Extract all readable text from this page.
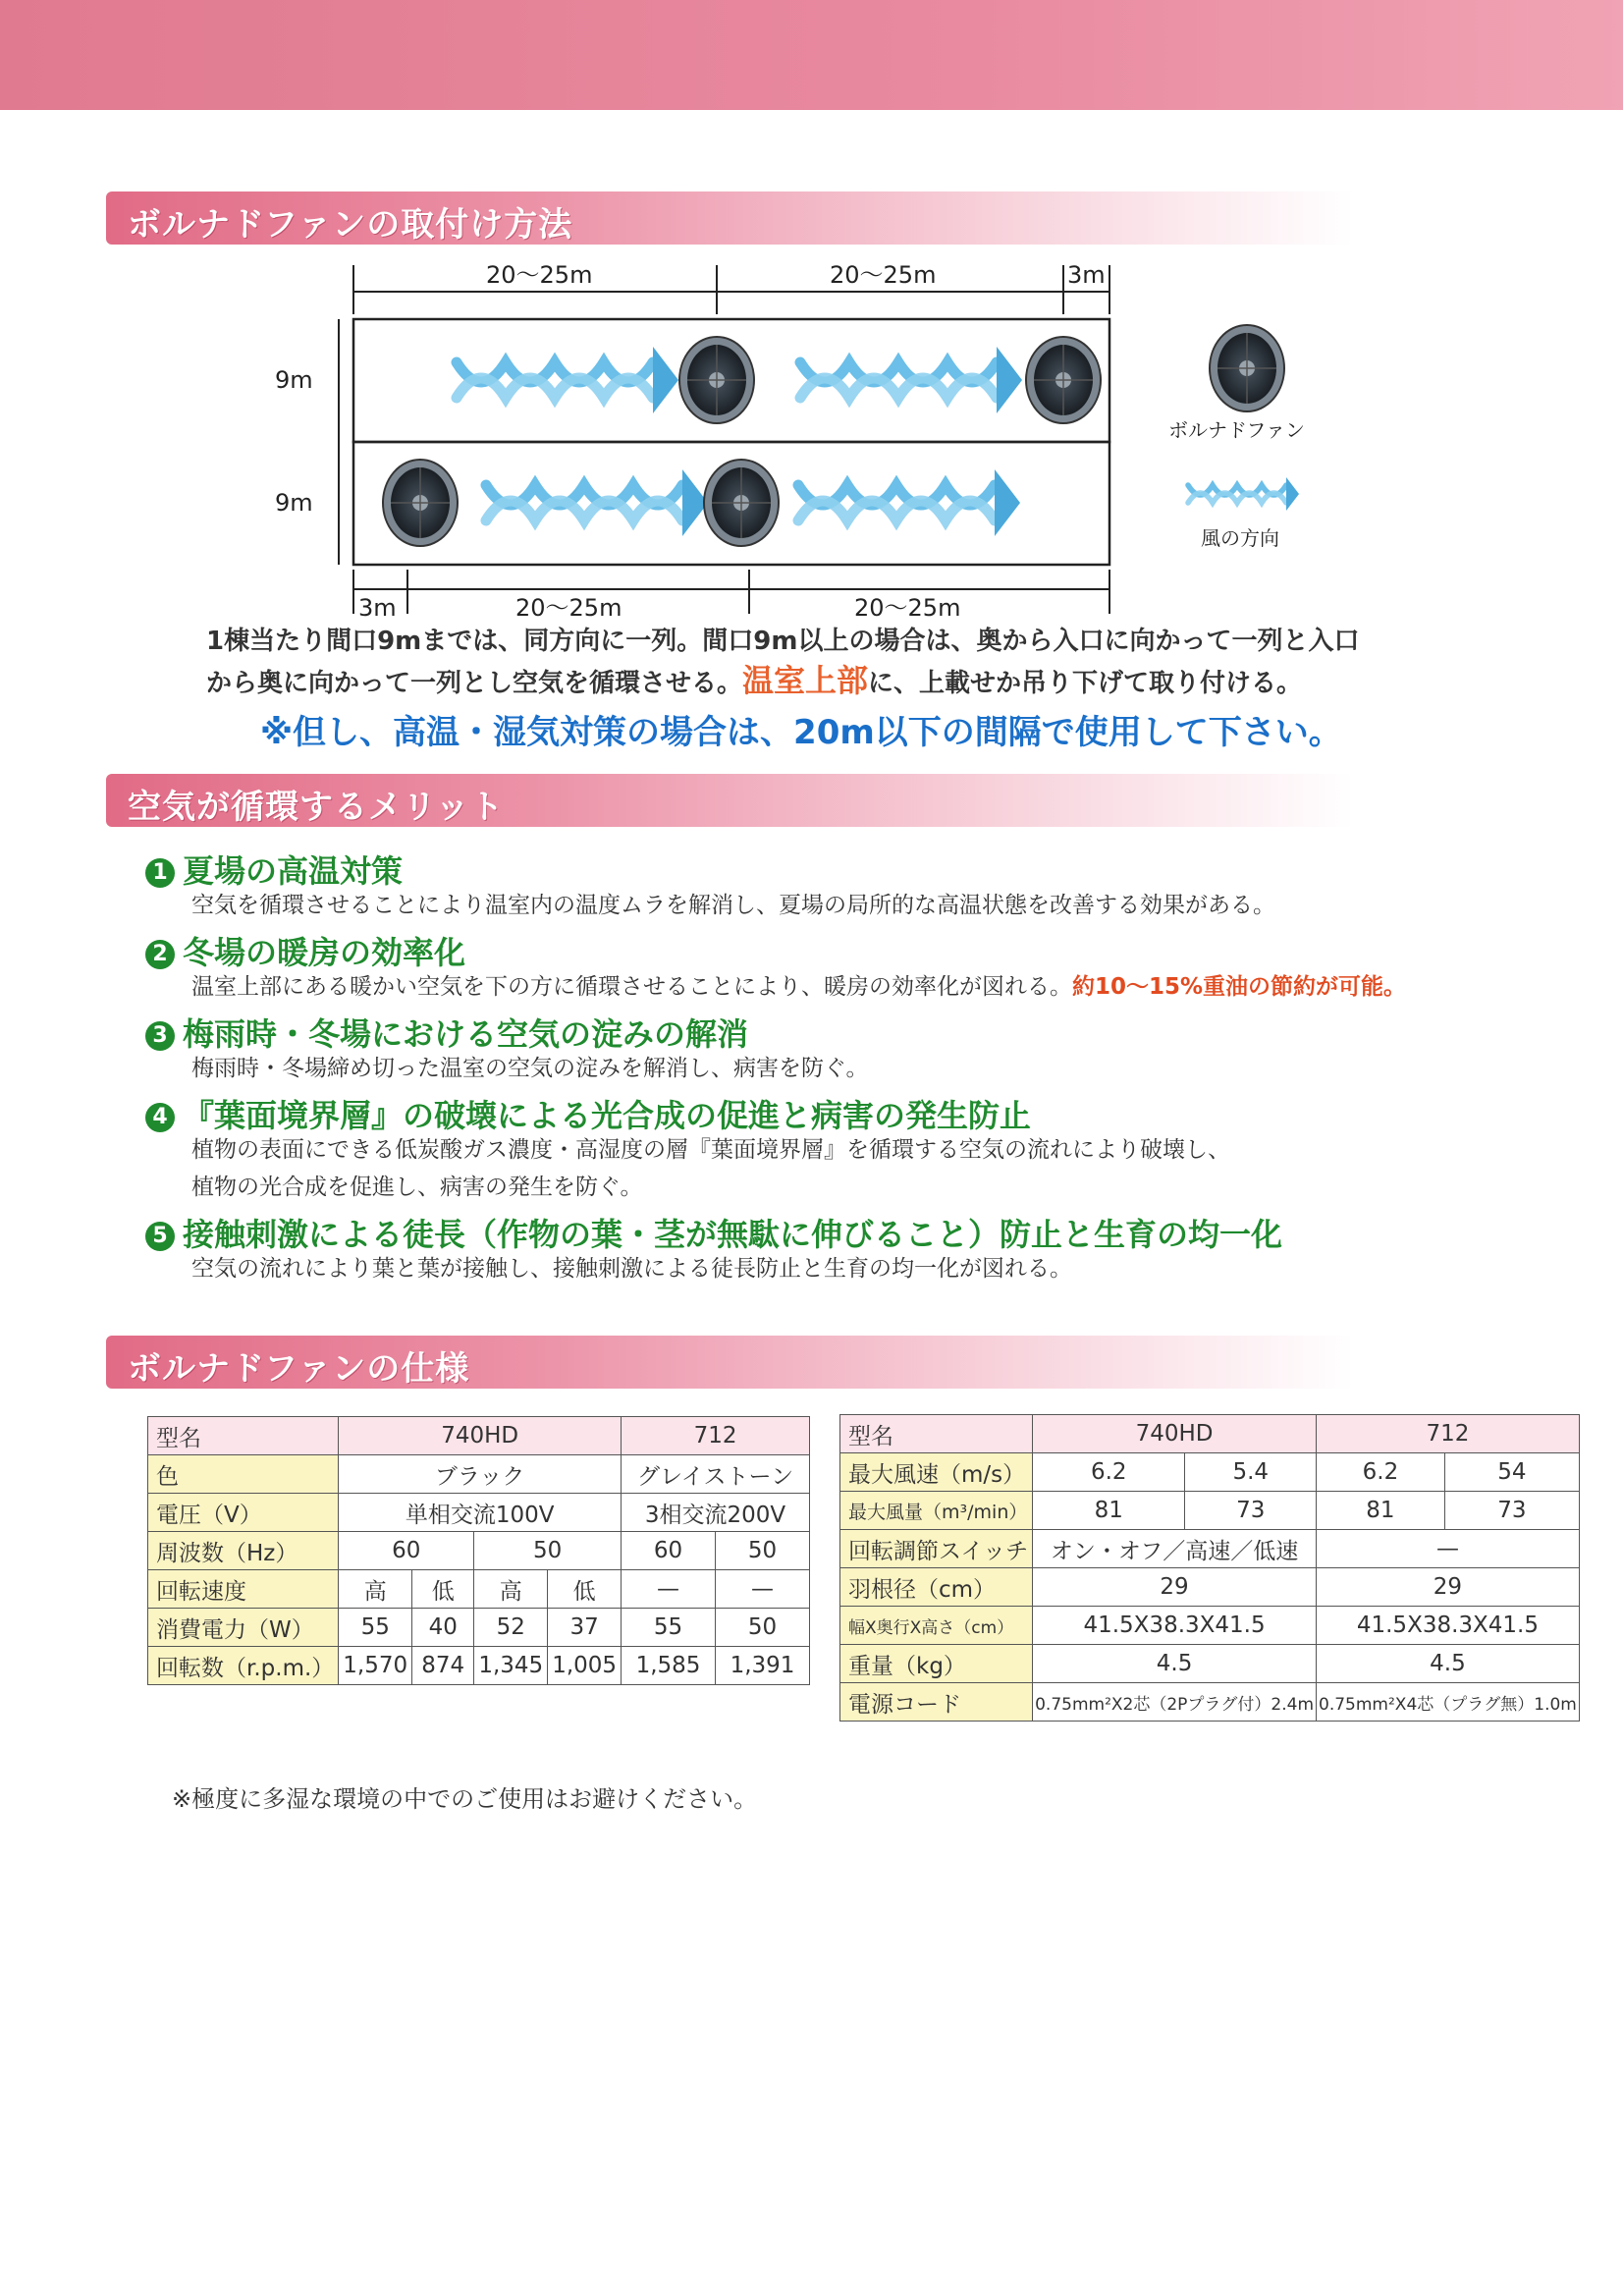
ボルナドファンの取付け方法
20〜25m	20〜25m	3m
9m
9m
3m	20〜25m	20〜25m
ボルナドファン
風の方向
1棟当たり間口9mまでは、同方向に一列。間口9m以上の場合は、奥から入口に向かって一列と入口
から奥に向かって一列とし空気を循環させる。温室上部に、上載せか吊り下げて取り付ける。
※但し、高温・湿気対策の場合は、20m以下の間隔で使用して下さい。
空気が循環するメリット
1 夏場の高温対策
空気を循環させることにより温室内の温度ムラを解消し、夏場の局所的な高温状態を改善する効果がある。
2 冬場の暖房の効率化
温室上部にある暖かい空気を下の方に循環させることにより、暖房の効率化が図れる。約10〜15%重油の節約が可能。
3 梅雨時・冬場における空気の淀みの解消
梅雨時・冬場締め切った温室の空気の淀みを解消し、病害を防ぐ。
4 『葉面境界層』の破壊による光合成の促進と病害の発生防止
植物の表面にできる低炭酸ガス濃度・高湿度の層『葉面境界層』を循環する空気の流れにより破壊し、
植物の光合成を促進し、病害の発生を防ぐ。
5 接触刺激による徒長（作物の葉・茎が無駄に伸びること）防止と生育の均一化
空気の流れにより葉と葉が接触し、接触刺激による徒長防止と生育の均一化が図れる。
ボルナドファンの仕様
型名	740HD				712	
色	ブラック				グレイストーン	
電圧（V）	単相交流100V				3相交流200V	
周波数（Hz）	60		50		60	50
回転速度	高	低	高	低	—	—
消費電力（W）	55	40	52	37	55	50
回転数（r.p.m.）	1,570	874	1,345	1,005	1,585	1,391
型名	740HD		712	
最大風速（m/s）	6.2	5.4	6.2	54
最大風量（m³/min）	81	73	81	73
回転調節スイッチ	オン・オフ／高速／低速		—	
羽根径（cm）	29		29	
幅X奥行X高さ（cm）	41.5X38.3X41.5		41.5X38.3X41.5	
重量（kg）	4.5		4.5	
電源コード	0.75mm²X2芯（2Pプラグ付）2.4m		0.75mm²X4芯（プラグ無）1.0m	
※極度に多湿な環境の中でのご使用はお避けください。
